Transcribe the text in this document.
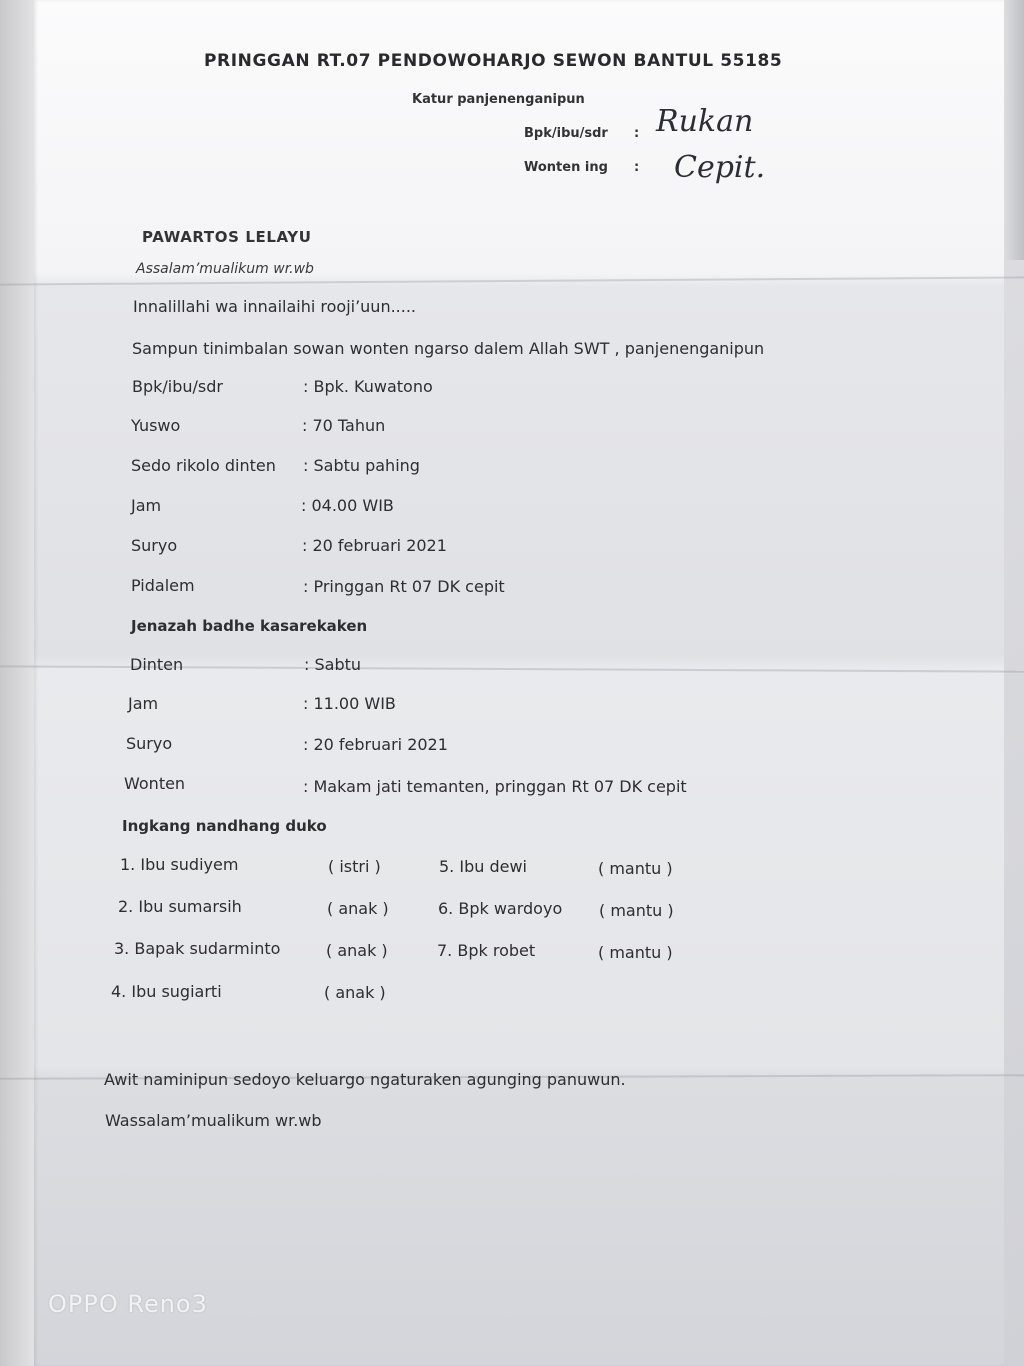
PRINGGAN RT.07 PENDOWOHARJO SEWON BANTUL 55185
Katur panjenenganipun
Bpk/ibu/sdr : Rukan
Wonten ing : Cepit.
PAWARTOS LELAYU
Assalam’mualikum wr.wb
Innalillahi wa innailaihi rooji’uun.....
Sampun tinimbalan sowan wonten ngarso dalem Allah SWT , panjenenganipun
Bpk/ibu/sdr	: Bpk. Kuwatono
Yuswo	: 70 Tahun
Sedo rikolo dinten : Sabtu pahing
Jam	: 04.00 WIB
Suryo	: 20 februari 2021
Pidalem	: Pringgan Rt 07 DK cepit
Jenazah badhe kasarekaken
Dinten	: Sabtu
Jam	: 11.00 WIB
Suryo	: 20 februari 2021
Wonten	: Makam jati temanten, pringgan Rt 07 DK cepit
Ingkang nandhang duko
1. Ibu sudiyem	( istri )
2. Ibu sumarsih	( anak )
3. Bapak sudarminto	( anak )
4. Ibu sugiarti	( anak )
5. Ibu dewi	( mantu )
6. Bpk wardoyo ( mantu )
7. Bpk robet	( mantu )
Awit naminipun sedoyo keluargo ngaturaken agunging panuwun.
Wassalam’mualikum wr.wb
OPPO Reno3
